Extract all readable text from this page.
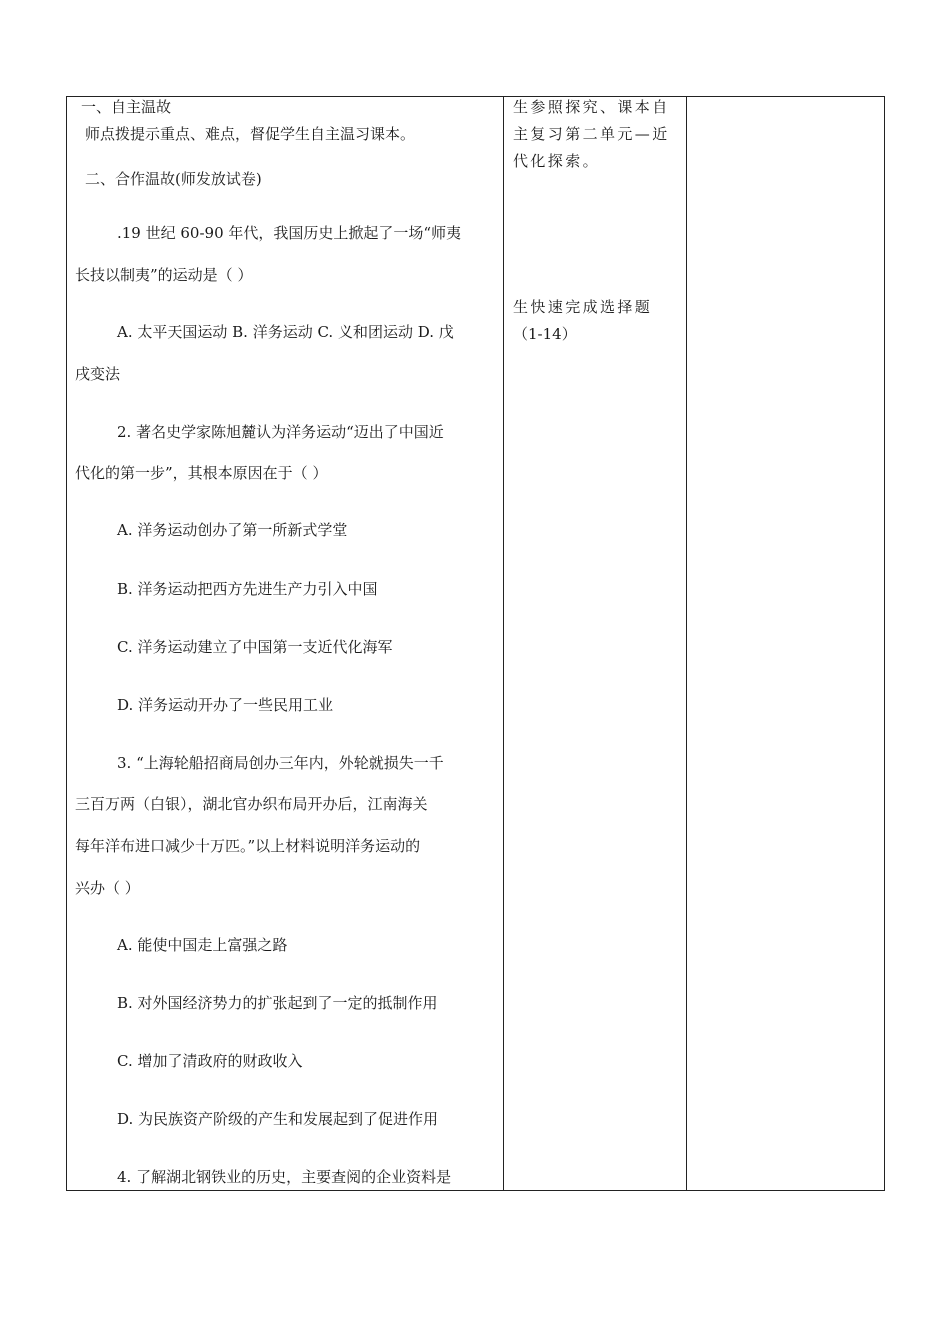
一、自主温故
师点拨提示重点、难点，督促学生自主温习课本。
二、合作温故(师发放试卷)
.19 世纪 60-90 年代，我国历史上掀起了一场“师夷
长技以制夷”的运动是（ ）
A. 太平天国运动 B. 洋务运动 C. 义和团运动 D. 戊
戌变法
2. 著名史学家陈旭麓认为洋务运动“迈出了中国近
代化的第一步”，其根本原因在于（ ）
A. 洋务运动创办了第一所新式学堂
B. 洋务运动把西方先进生产力引入中国
C. 洋务运动建立了中国第一支近代化海军
D. 洋务运动开办了一些民用工业
3. “上海轮船招商局创办三年内，外轮就损失一千
三百万两（白银），湖北官办织布局开办后，江南海关
每年洋布进口减少十万匹。”以上材料说明洋务运动的
兴办（ ）
A. 能使中国走上富强之路
B. 对外国经济势力的扩张起到了一定的抵制作用
C. 增加了清政府的财政收入
D. 为民族资产阶级的产生和发展起到了促进作用
4. 了解湖北钢铁业的历史，主要查阅的企业资料是
生参照探究、课本自
主复习第二单元—近
代化探索。
生快速完成选择题
（1-14）
